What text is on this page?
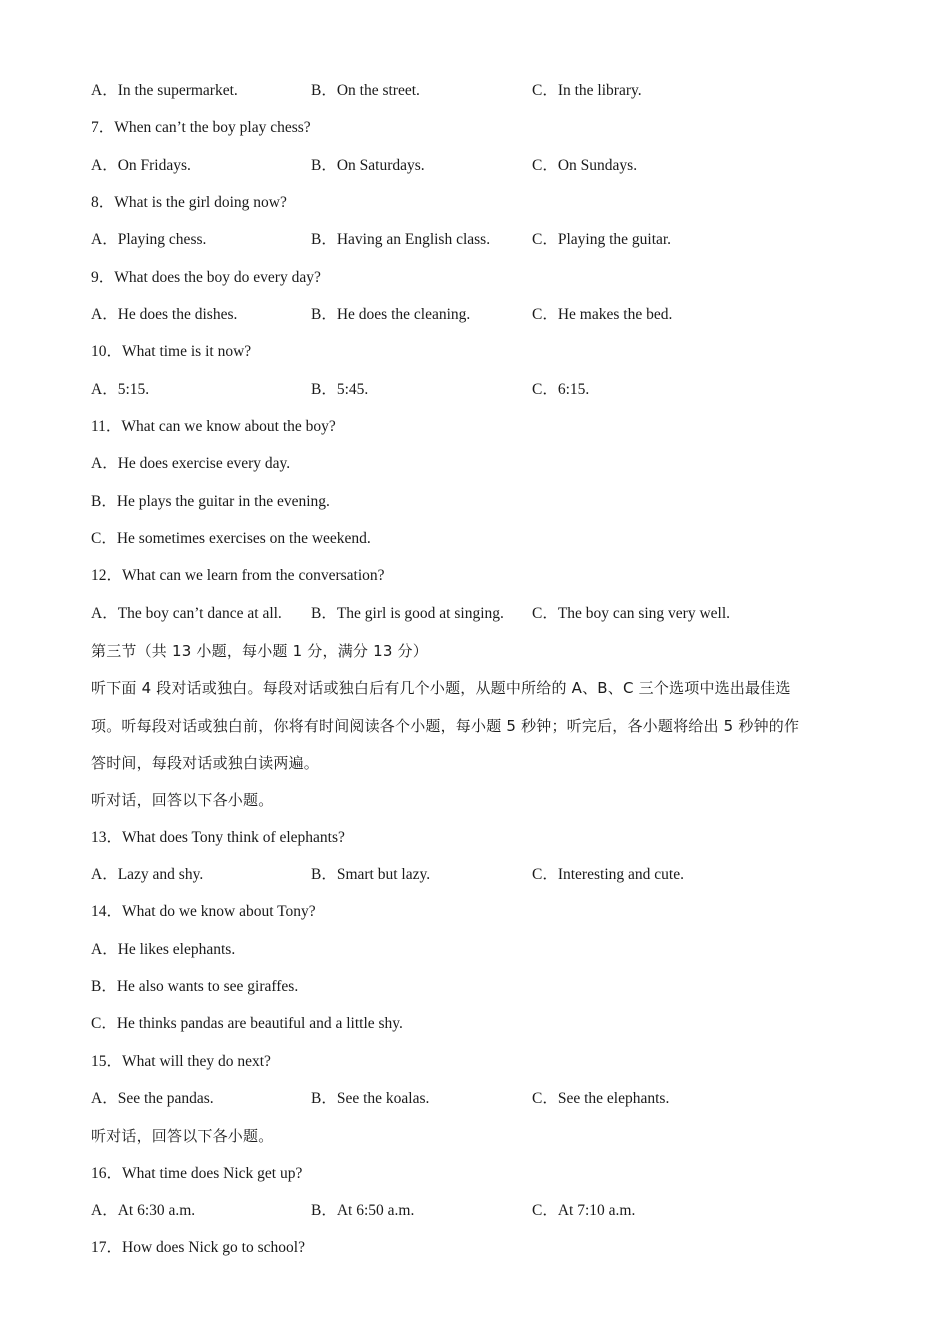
A．In the supermarket.	B．On the street.	C．In the library.
7．When can’t the boy play chess?
A．On Fridays.	B．On Saturdays.	C．On Sundays.
8．What is the girl doing now?
A．Playing chess.	B．Having an English class.	C．Playing the guitar.
9．What does the boy do every day?
A．He does the dishes.	B．He does the cleaning.	C．He makes the bed.
10．What time is it now?
A．5:15.	B．5:45.	C．6:15.
11．What can we know about the boy?
A．He does exercise every day.
B．He plays the guitar in the evening.
C．He sometimes exercises on the weekend.
12．What can we learn from the conversation?
A．The boy can’t dance at all. B．The girl is good at singing. C．The boy can sing very well.
第三节（共 13 小题，每小题 1 分，满分 13 分）
听下面 4 段对话或独白。每段对话或独白后有几个小题，从题中所给的 A、B、C 三个选项中选出最佳选
项。听每段对话或独白前，你将有时间阅读各个小题，每小题 5 秒钟；听完后，各小题将给出 5 秒钟的作
答时间，每段对话或独白读两遍。
听对话，回答以下各小题。
13．What does Tony think of elephants?
A．Lazy and shy.	B．Smart but lazy.	C．Interesting and cute.
14．What do we know about Tony?
A．He likes elephants.
B．He also wants to see giraffes.
C．He thinks pandas are beautiful and a little shy.
15．What will they do next?
A．See the pandas.	B．See the koalas.	C．See the elephants.
听对话，回答以下各小题。
16．What time does Nick get up?
A．At 6:30 a.m.	B．At 6:50 a.m.	C．At 7:10 a.m.
17．How does Nick go to school?
